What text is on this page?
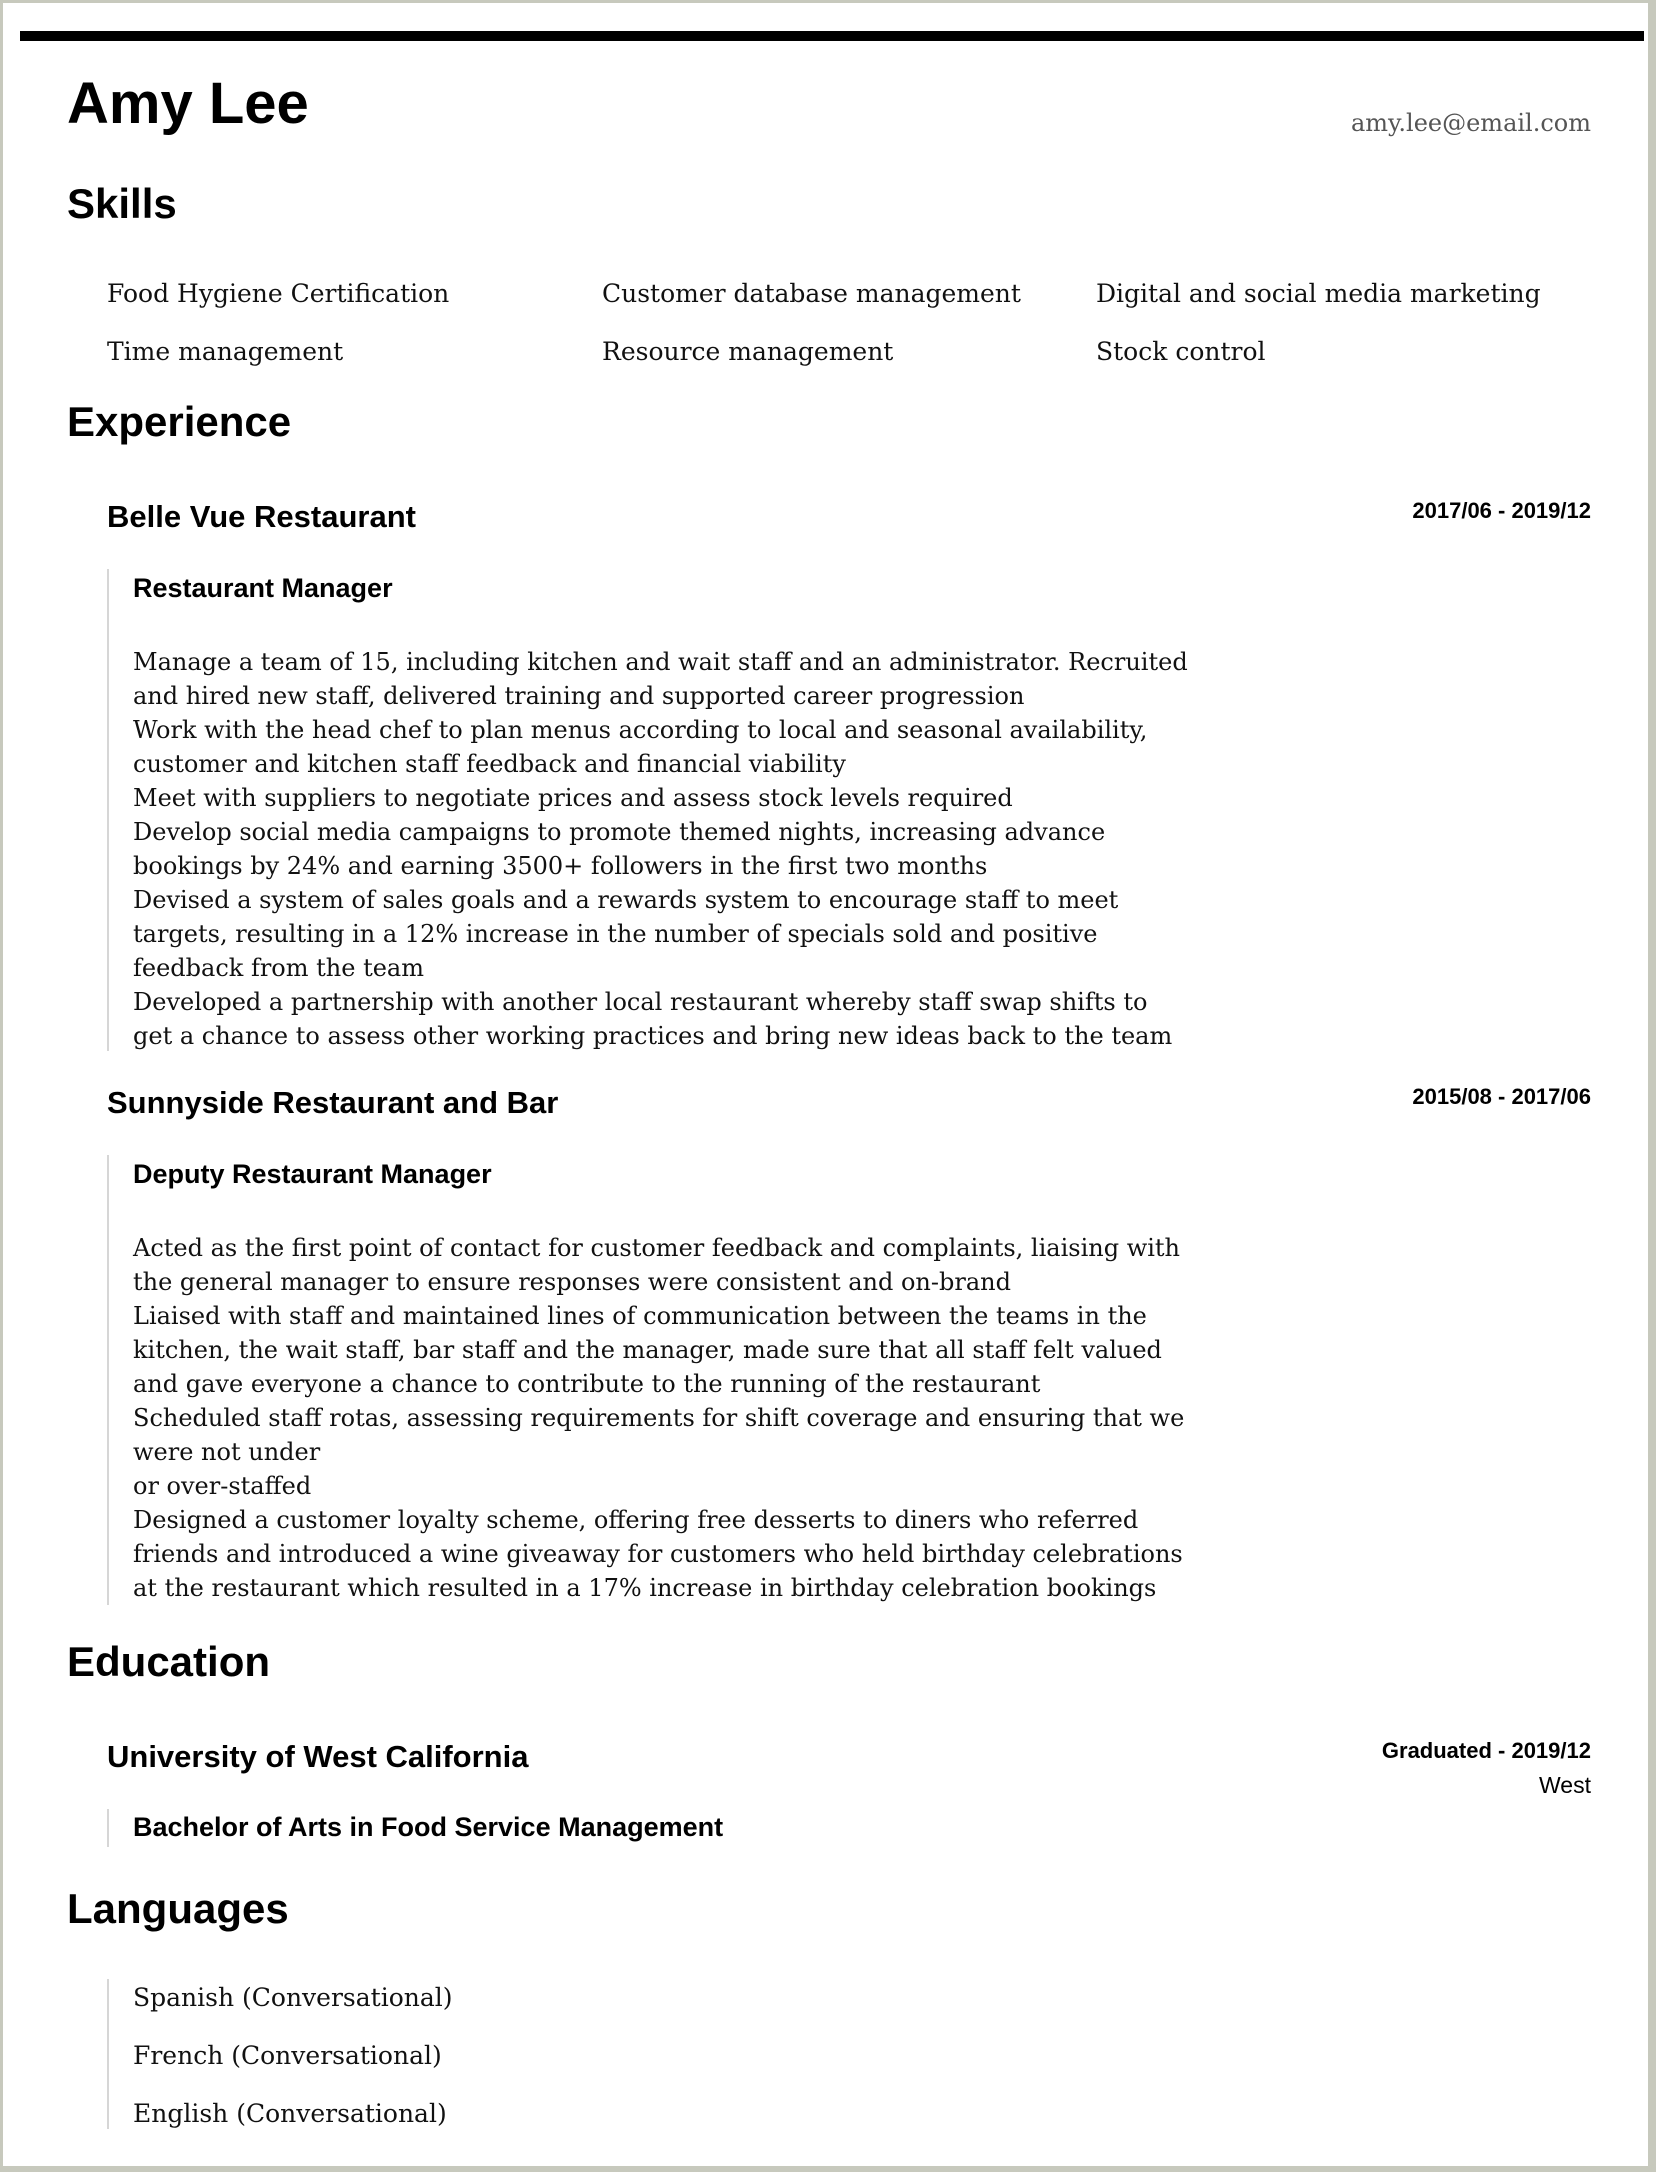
Amy Lee	amy.lee@email.com
Skills
Food Hygiene Certification	Customer database management	Digital and social media marketing
Time management	Resource management	Stock control
Experience
Belle Vue Restaurant	2017/06 - 2019/12
Restaurant Manager
Manage a team of 15, including kitchen and wait staff and an administrator. Recruited
and hired new staff, delivered training and supported career progression
Work with the head chef to plan menus according to local and seasonal availability,
customer and kitchen staff feedback and financial viability
Meet with suppliers to negotiate prices and assess stock levels required
Develop social media campaigns to promote themed nights, increasing advance
bookings by 24% and earning 3500+ followers in the first two months
Devised a system of sales goals and a rewards system to encourage staff to meet
targets, resulting in a 12% increase in the number of specials sold and positive
feedback from the team
Developed a partnership with another local restaurant whereby staff swap shifts to
get a chance to assess other working practices and bring new ideas back to the team
Sunnyside Restaurant and Bar	2015/08 - 2017/06
Deputy Restaurant Manager
Acted as the first point of contact for customer feedback and complaints, liaising with
the general manager to ensure responses were consistent and on-brand
Liaised with staff and maintained lines of communication between the teams in the
kitchen, the wait staff, bar staff and the manager, made sure that all staff felt valued
and gave everyone a chance to contribute to the running of the restaurant
Scheduled staff rotas, assessing requirements for shift coverage and ensuring that we
were not under
or over-staffed
Designed a customer loyalty scheme, offering free desserts to diners who referred
friends and introduced a wine giveaway for customers who held birthday celebrations
at the restaurant which resulted in a 17% increase in birthday celebration bookings
Education
University of West California	Graduated - 2019/12
West
Bachelor of Arts in Food Service Management
Languages
Spanish (Conversational)
French (Conversational)
English (Conversational)
